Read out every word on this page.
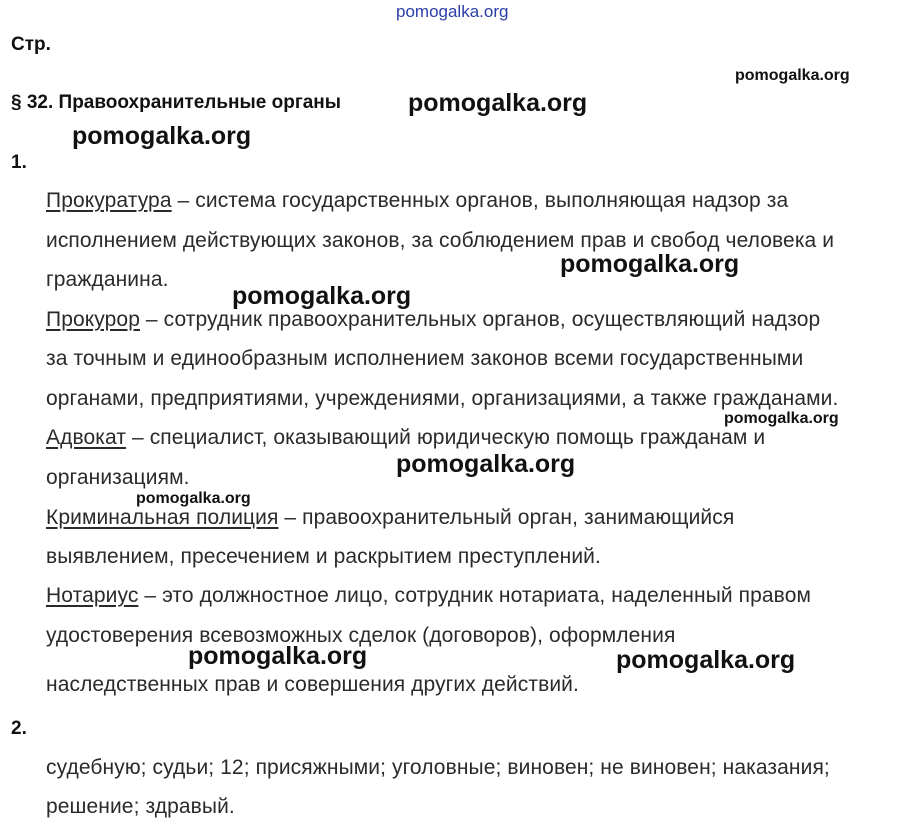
pomogalka.org
Стр.
§ 32. Правоохранительные органы
1.
Прокуратура – система государственных органов, выполняющая надзор за
исполнением действующих законов, за соблюдением прав и свобод человека и
гражданина.
Прокурор – сотрудник правоохранительных органов, осуществляющий надзор
за точным и единообразным исполнением законов всеми государственными
органами, предприятиями, учреждениями, организациями, а также гражданами.
Адвокат – специалист, оказывающий юридическую помощь гражданам и
организациям.
Криминальная полиция – правоохранительный орган, занимающийся
выявлением, пресечением и раскрытием преступлений.
Нотариус – это должностное лицо, сотрудник нотариата, наделенный правом
удостоверения всевозможных сделок (договоров), оформления
наследственных прав и совершения других действий.
2.
судебную; судьи; 12; присяжными; уголовные; виновен; не виновен; наказания;
решение; здравый.
pomogalka.org
pomogalka.org
pomogalka.org
pomogalka.org
pomogalka.org
pomogalka.org
pomogalka.org
pomogalka.org
pomogalka.org	pomogalka.org
